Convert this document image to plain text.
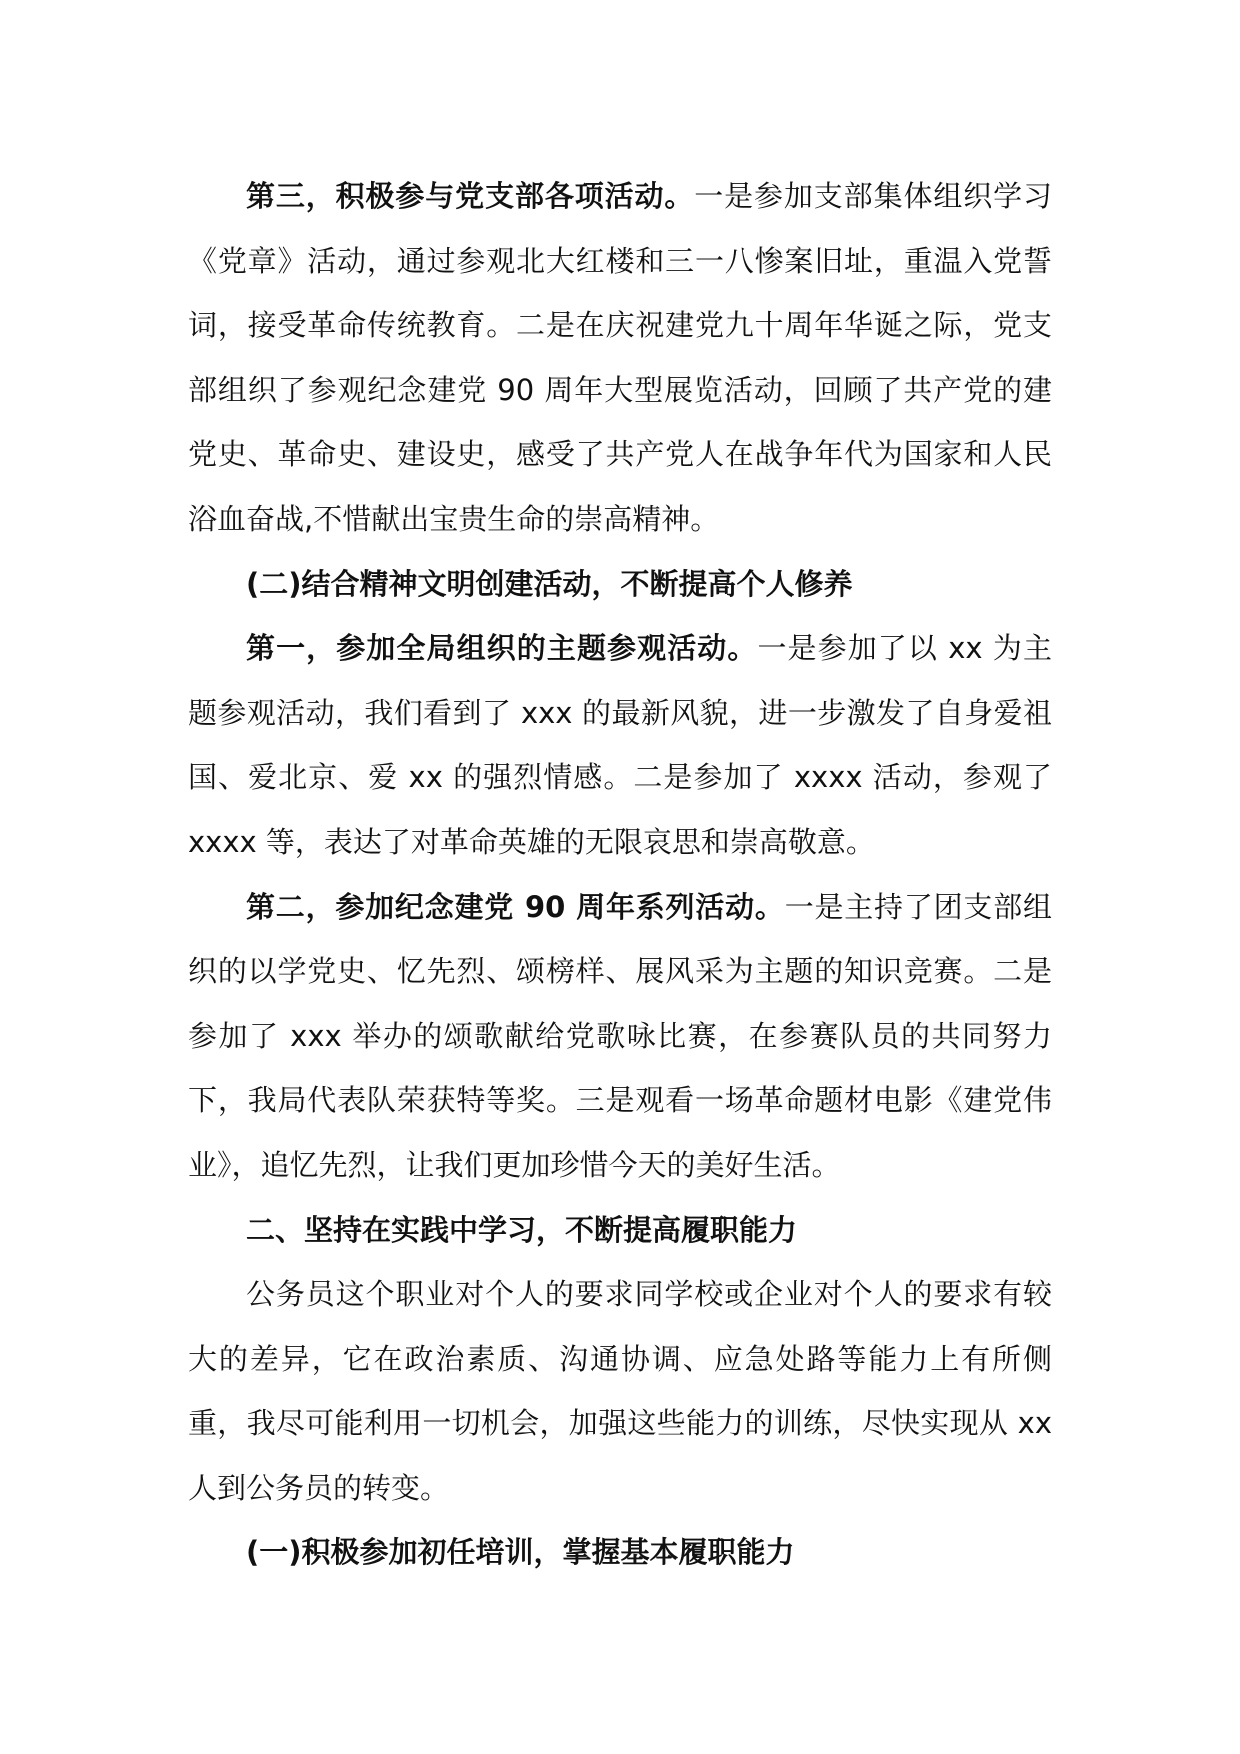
第三，积极参与党支部各项活动。一是参加支部集体组织学习《党章》活动，通过参观北大红楼和三一八惨案旧址，重温入党誓词，接受革命传统教育。二是在庆祝建党九十周年华诞之际，党支部组织了参观纪念建党 90 周年大型展览活动，回顾了共产党的建党史、革命史、建设史，感受了共产党人在战争年代为国家和人民浴血奋战,不惜献出宝贵生命的崇高精神。

(二)结合精神文明创建活动，不断提高个人修养

第一，参加全局组织的主题参观活动。一是参加了以 xx 为主题参观活动，我们看到了 xxx 的最新风貌，进一步激发了自身爱祖国、爱北京、爱 xx 的强烈情感。二是参加了 xxxx 活动，参观了 xxxx 等，表达了对革命英雄的无限哀思和崇高敬意。

第二，参加纪念建党 90 周年系列活动。一是主持了团支部组织的以学党史、忆先烈、颂榜样、展风采为主题的知识竞赛。二是参加了 xxx 举办的颂歌献给党歌咏比赛，在参赛队员的共同努力下，我局代表队荣获特等奖。三是观看一场革命题材电影《建党伟业》，追忆先烈，让我们更加珍惜今天的美好生活。

二、坚持在实践中学习，不断提高履职能力

公务员这个职业对个人的要求同学校或企业对个人的要求有较大的差异，它在政治素质、沟通协调、应急处路等能力上有所侧重，我尽可能利用一切机会，加强这些能力的训练，尽快实现从 xx 人到公务员的转变。

(一)积极参加初任培训，掌握基本履职能力
